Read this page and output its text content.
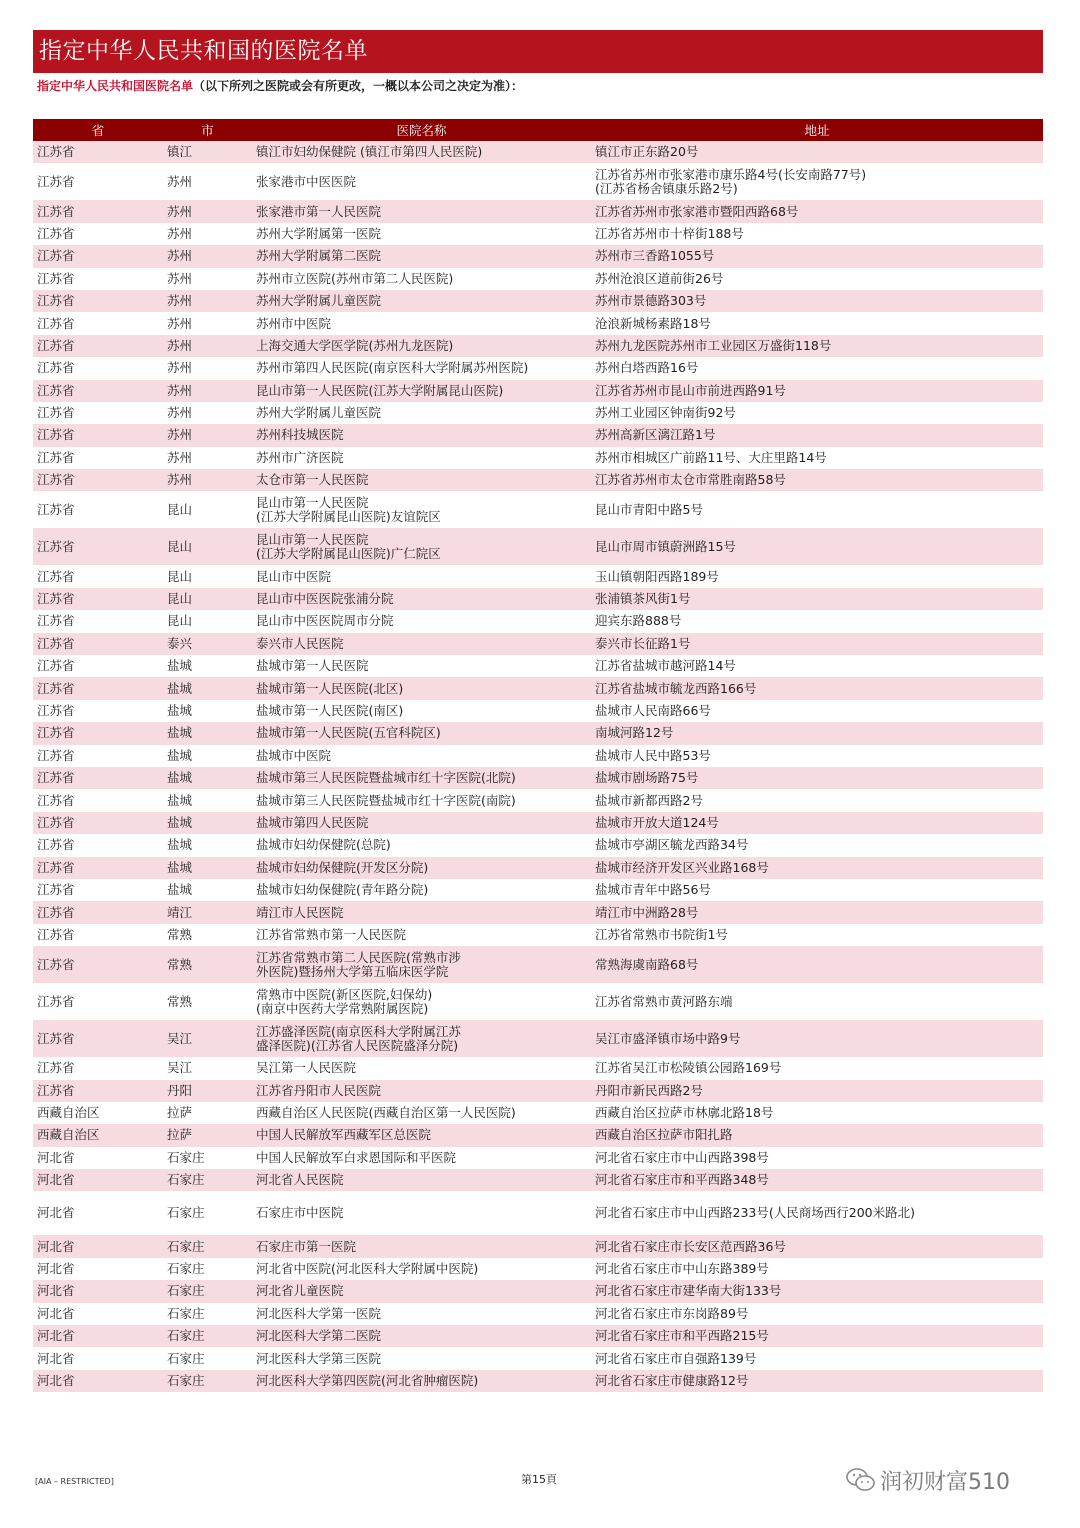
指定中华人民共和国的医院名单
指定中华人民共和国医院名单（以下所列之医院或会有所更改，一概以本公司之决定为准）：
省	市	医院名称	地址
江苏省	镇江	镇江市妇幼保健院 (镇江市第四人民医院)	镇江市正东路20号

江苏省	苏州	张家港市中医医院	江苏省苏州市张家港市康乐路4号(长安南路77号)
(江苏省杨舍镇康乐路2号)

江苏省	苏州	张家港市第一人民医院	江苏省苏州市张家港市暨阳西路68号

江苏省	苏州	苏州大学附属第一医院	江苏省苏州市十梓街188号

江苏省	苏州	苏州大学附属第二医院	苏州市三香路1055号

江苏省	苏州	苏州市立医院(苏州市第二人民医院)	苏州沧浪区道前街26号

江苏省	苏州	苏州大学附属儿童医院	苏州市景德路303号

江苏省	苏州	苏州市中医院	沧浪新城杨素路18号

江苏省	苏州	上海交通大学医学院(苏州九龙医院)	苏州九龙医院苏州市工业园区万盛街118号

江苏省	苏州	苏州市第四人民医院(南京医科大学附属苏州医院)	苏州白塔西路16号

江苏省	苏州	昆山市第一人民医院(江苏大学附属昆山医院)	江苏省苏州市昆山市前进西路91号

江苏省	苏州	苏州大学附属儿童医院	苏州工业园区钟南街92号

江苏省	苏州	苏州科技城医院	苏州高新区漓江路1号

江苏省	苏州	苏州市广济医院	苏州市相城区广前路11号、大庄里路14号

江苏省	苏州	太仓市第一人民医院	江苏省苏州市太仓市常胜南路58号

江苏省	昆山	昆山市第一人民医院
(江苏大学附属昆山医院)友谊院区	昆山市青阳中路5号

江苏省	昆山	昆山市第一人民医院
(江苏大学附属昆山医院)广仁院区	昆山市周市镇蔚洲路15号

江苏省	昆山	昆山市中医院	玉山镇朝阳西路189号

江苏省	昆山	昆山市中医医院张浦分院	张浦镇茶风街1号

江苏省	昆山	昆山市中医医院周市分院	迎宾东路888号

江苏省	泰兴	泰兴市人民医院	泰兴市长征路1号

江苏省	盐城	盐城市第一人民医院	江苏省盐城市越河路14号

江苏省	盐城	盐城市第一人民医院(北区)	江苏省盐城市毓龙西路166号

江苏省	盐城	盐城市第一人民医院(南区)	盐城市人民南路66号

江苏省	盐城	盐城市第一人民医院(五官科院区)	南城河路12号

江苏省	盐城	盐城市中医院	盐城市人民中路53号

江苏省	盐城	盐城市第三人民医院暨盐城市红十字医院(北院)	盐城市剧场路75号

江苏省	盐城	盐城市第三人民医院暨盐城市红十字医院(南院)	盐城市新都西路2号

江苏省	盐城	盐城市第四人民医院	盐城市开放大道124号

江苏省	盐城	盐城市妇幼保健院(总院)	盐城市亭湖区毓龙西路34号

江苏省	盐城	盐城市妇幼保健院(开发区分院)	盐城市经济开发区兴业路168号

江苏省	盐城	盐城市妇幼保健院(青年路分院)	盐城市青年中路56号

江苏省	靖江	靖江市人民医院	靖江市中洲路28号

江苏省	常熟	江苏省常熟市第一人民医院	江苏省常熟市书院街1号

江苏省	常熟	江苏省常熟市第二人民医院(常熟市涉
外医院)暨扬州大学第五临床医学院	常熟海虞南路68号

江苏省	常熟	常熟市中医院(新区医院,妇保幼)
(南京中医药大学常熟附属医院)	江苏省常熟市黄河路东端

江苏省	吴江	江苏盛泽医院(南京医科大学附属江苏
盛泽医院)(江苏省人民医院盛泽分院)	吴江市盛泽镇市场中路9号

江苏省	吴江	吴江第一人民医院	江苏省吴江市松陵镇公园路169号

江苏省	丹阳	江苏省丹阳市人民医院	丹阳市新民西路2号

西藏自治区	拉萨	西藏自治区人民医院(西藏自治区第一人民医院)	西藏自治区拉萨市林廓北路18号

西藏自治区	拉萨	中国人民解放军西藏军区总医院	西藏自治区拉萨市阳扎路

河北省	石家庄	中国人民解放军白求恩国际和平医院	河北省石家庄市中山西路398号

河北省	石家庄	河北省人民医院	河北省石家庄市和平西路348号

河北省	石家庄	石家庄市中医院	河北省石家庄市中山西路233号(人民商场西行200米路北)

河北省	石家庄	石家庄市第一医院	河北省石家庄市长安区范西路36号

河北省	石家庄	河北省中医院(河北医科大学附属中医院)	河北省石家庄市中山东路389号

河北省	石家庄	河北省儿童医院	河北省石家庄市建华南大街133号

河北省	石家庄	河北医科大学第一医院	河北省石家庄市东岗路89号

河北省	石家庄	河北医科大学第二医院	河北省石家庄市和平西路215号

河北省	石家庄	河北医科大学第三医院	河北省石家庄市自强路139号

河北省	石家庄	河北医科大学第四医院(河北省肿瘤医院)	河北省石家庄市健康路12号
[AIA – RESTRICTED]	第15頁	润初财富510
